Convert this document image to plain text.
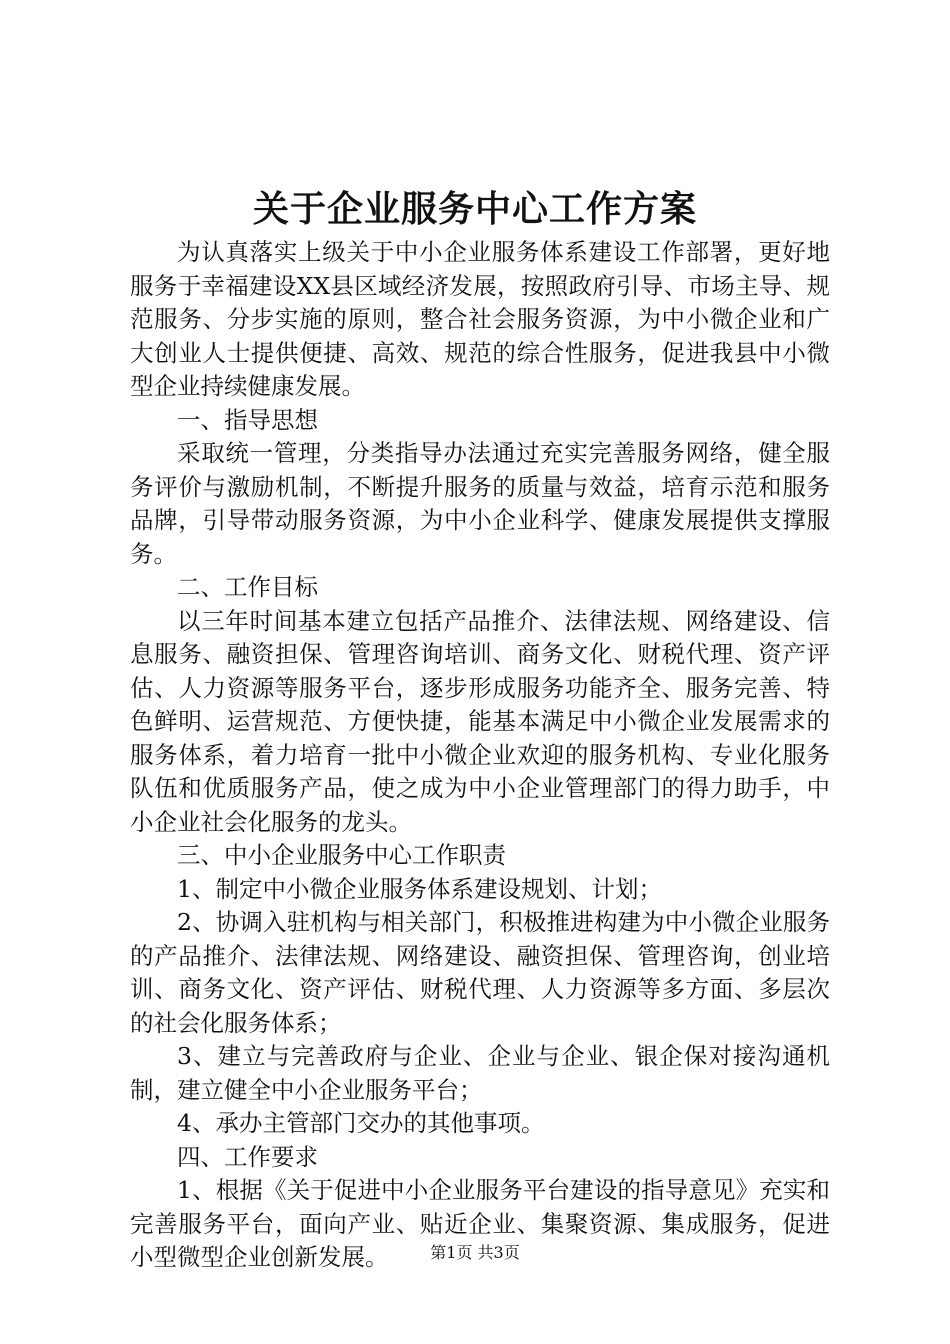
关于企业服务中心工作方案

为认真落实上级关于中小企业服务体系建设工作部署，更好地服务于幸福建设XX县区域经济发展，按照政府引导、市场主导、规范服务、分步实施的原则，整合社会服务资源，为中小微企业和广大创业人士提供便捷、高效、规范的综合性服务，促进我县中小微型企业持续健康发展。

一、指导思想

采取统一管理，分类指导办法通过充实完善服务网络，健全服务评价与激励机制，不断提升服务的质量与效益，培育示范和服务品牌，引导带动服务资源，为中小企业科学、健康发展提供支撑服务。

二、工作目标

以三年时间基本建立包括产品推介、法律法规、网络建设、信息服务、融资担保、管理咨询培训、商务文化、财税代理、资产评估、人力资源等服务平台，逐步形成服务功能齐全、服务完善、特色鲜明、运营规范、方便快捷，能基本满足中小微企业发展需求的服务体系，着力培育一批中小微企业欢迎的服务机构、专业化服务队伍和优质服务产品，使之成为中小企业管理部门的得力助手，中小企业社会化服务的龙头。

三、中小企业服务中心工作职责

1、制定中小微企业服务体系建设规划、计划；

2、协调入驻机构与相关部门，积极推进构建为中小微企业服务的产品推介、法律法规、网络建设、融资担保、管理咨询，创业培训、商务文化、资产评估、财税代理、人力资源等多方面、多层次的社会化服务体系；

3、建立与完善政府与企业、企业与企业、银企保对接沟通机制，建立健全中小企业服务平台；

4、承办主管部门交办的其他事项。

四、工作要求

1、根据《关于促进中小企业服务平台建设的指导意见》充实和完善服务平台，面向产业、贴近企业、集聚资源、集成服务，促进小型微型企业创新发展。	第1页 共3页
